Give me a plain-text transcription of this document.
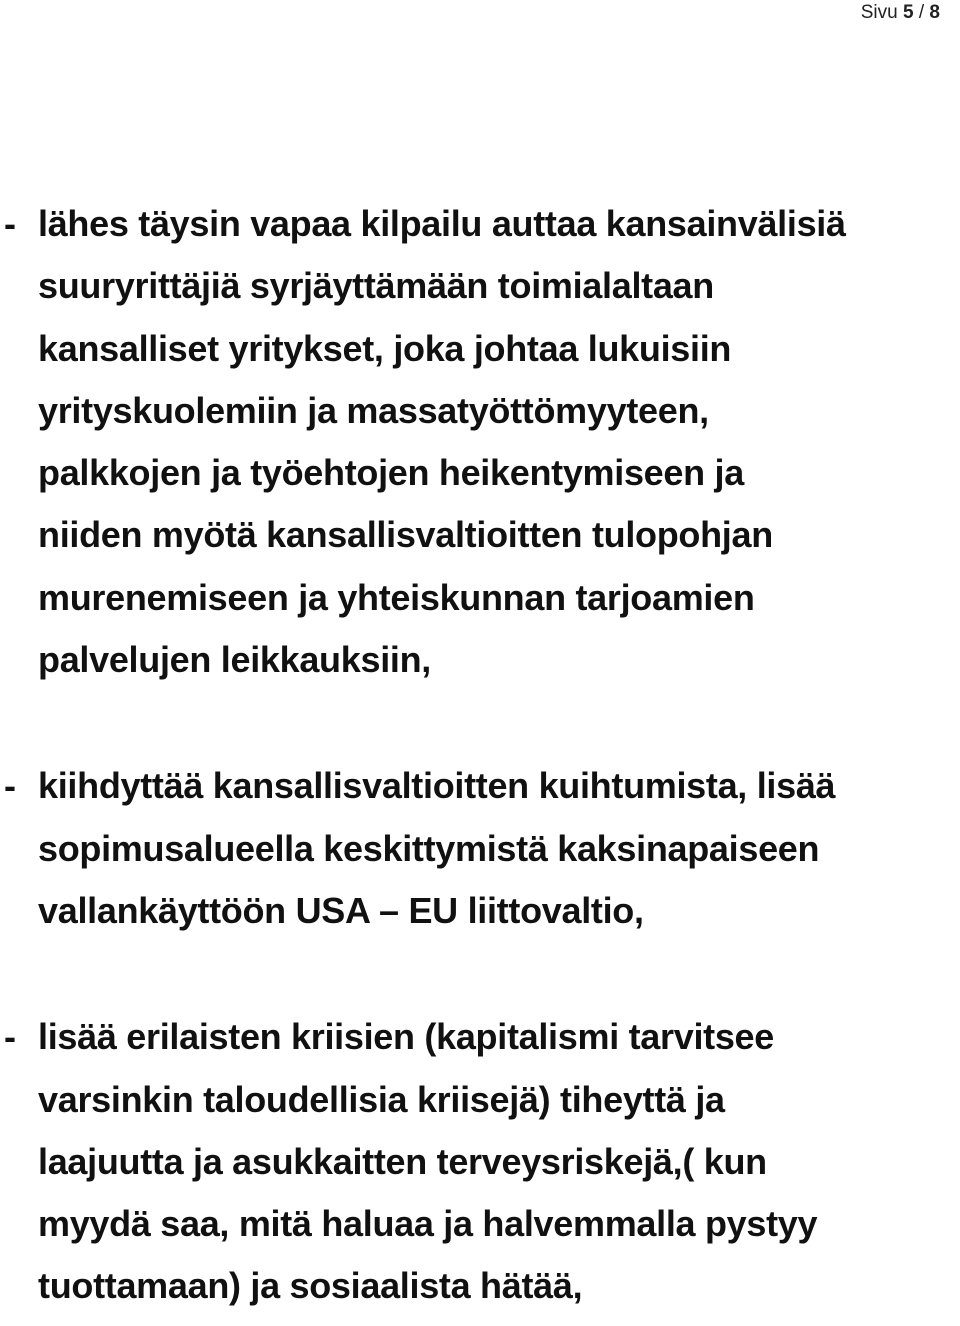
Sivu 5 / 8
- lähes täysin vapaa kilpailu auttaa kansainvälisiä
suuryrittäjiä syrjäyttämään toimialaltaan
kansalliset yritykset, joka johtaa lukuisiin
yrityskuolemiin ja massatyöttömyyteen,
palkkojen ja työehtojen heikentymiseen ja
niiden myötä kansallisvaltioitten tulopohjan
murenemiseen ja yhteiskunnan tarjoamien
palvelujen leikkauksiin,
- kiihdyttää kansallisvaltioitten kuihtumista, lisää
sopimusalueella keskittymistä kaksinapaiseen
vallankäyttöön USA – EU liittovaltio,
- lisää erilaisten kriisien (kapitalismi tarvitsee
varsinkin taloudellisia kriisejä) tiheyttä ja
laajuutta ja asukkaitten terveysriskejä,( kun
myydä saa, mitä haluaa ja halvemmalla pystyy
tuottamaan) ja sosiaalista hätää,
